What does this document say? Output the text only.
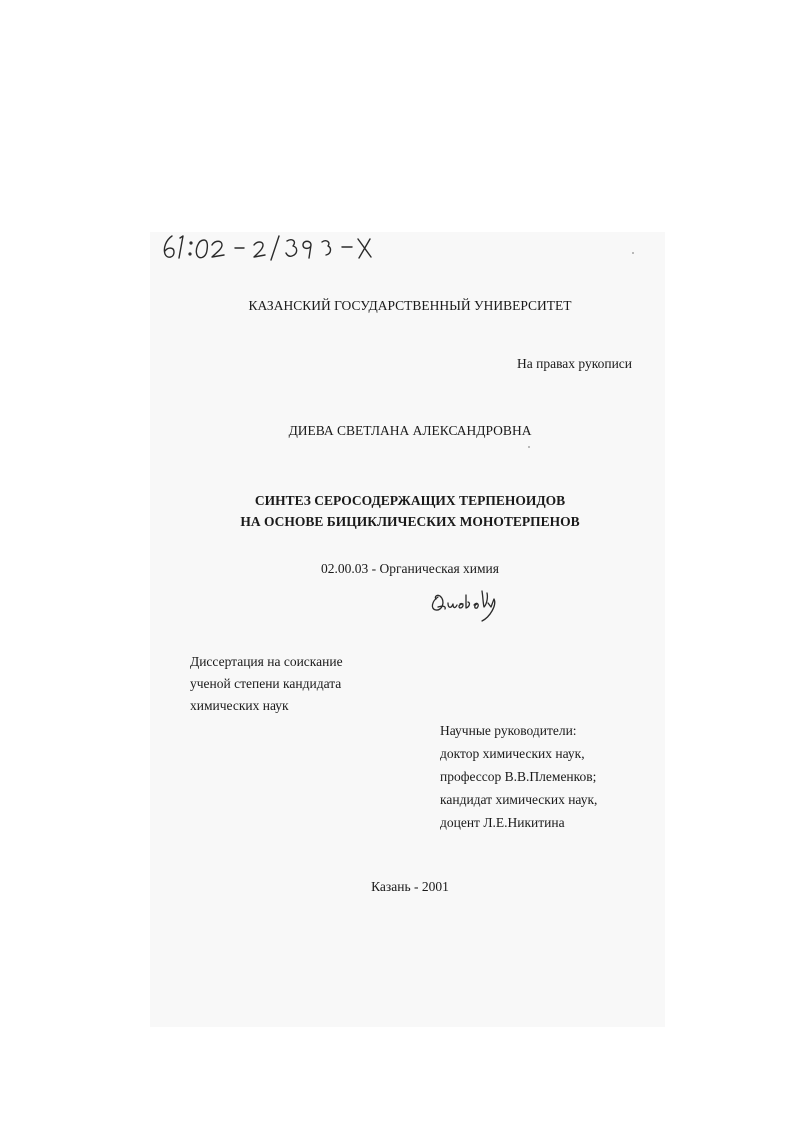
61:02-2/393-X
КАЗАНСКИЙ ГОСУДАРСТВЕННЫЙ УНИВЕРСИТЕТ
На правах рукописи
ДИЕВА СВЕТЛАНА АЛЕКСАНДРОВНА
СИНТЕЗ СЕРОСОДЕРЖАЩИХ ТЕРПЕНОИДОВ
НА ОСНОВЕ БИЦИКЛИЧЕСКИХ МОНОТЕРПЕНОВ
02.00.03 - Органическая химия
Диева
Диссертация на соискание
ученой степени кандидата
химических наук
Научные руководители:
доктор химических наук,
профессор В.В.Племенков;
кандидат химических наук,
доцент Л.Е.Никитина
Казань - 2001
